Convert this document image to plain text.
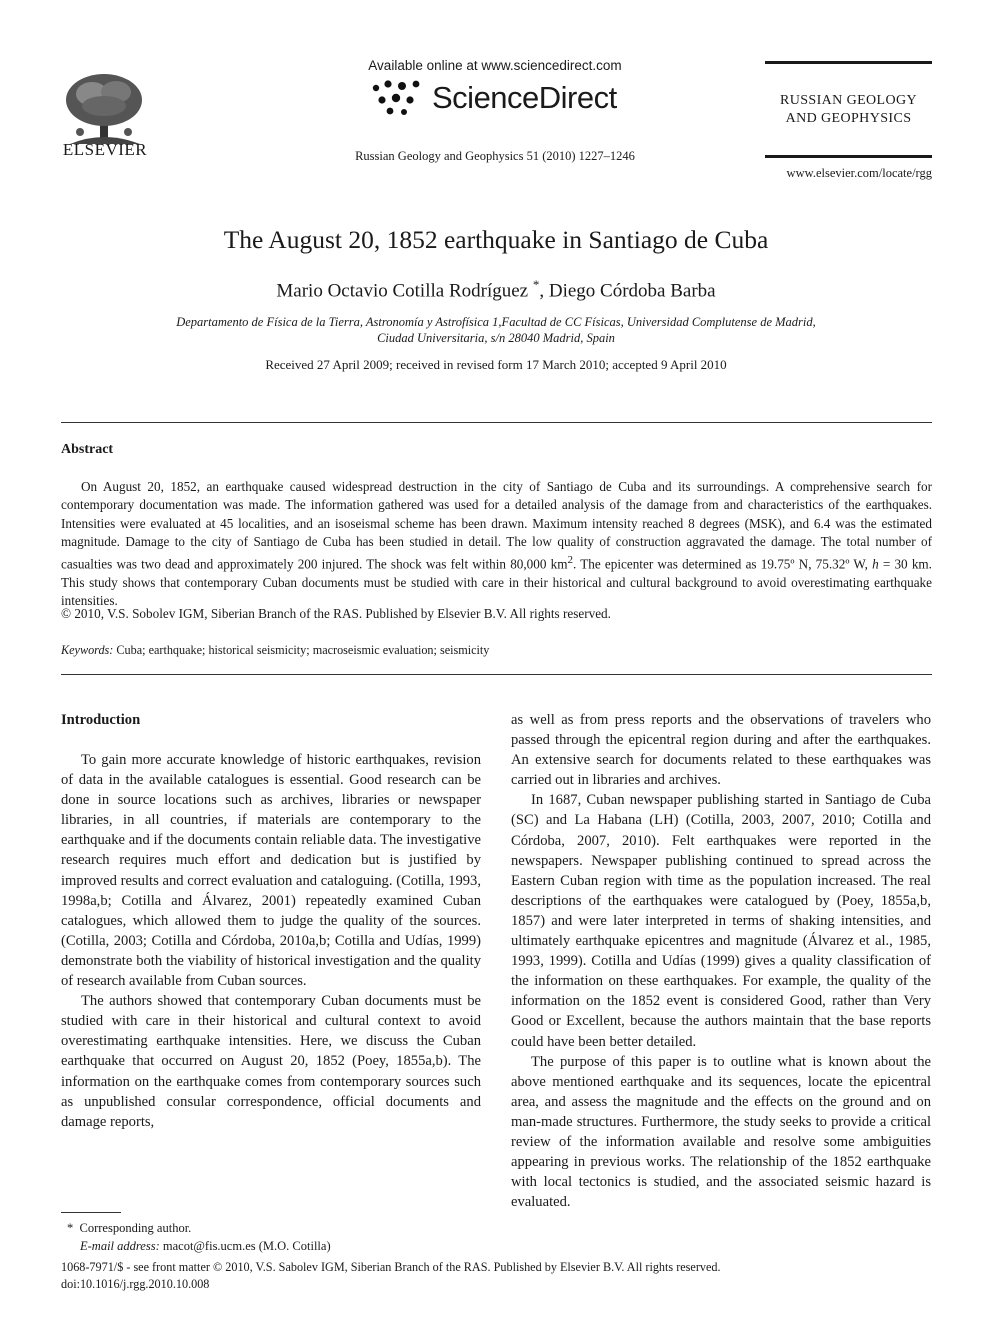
ELSEVIER
Available online at www.sciencedirect.com
ScienceDirect
Russian Geology and Geophysics 51 (2010) 1227–1246
RUSSIAN GEOLOGY
AND GEOPHYSICS
www.elsevier.com/locate/rgg
The August 20, 1852 earthquake in Santiago de Cuba
Mario Octavio Cotilla Rodríguez *, Diego Córdoba Barba
Departamento de Física de la Tierra, Astronomía y Astrofísica 1,Facultad de CC Físicas, Universidad Complutense de Madrid,
Ciudad Universitaria, s/n 28040 Madrid, Spain
Received 27 April 2009; received in revised form 17 March 2010; accepted 9 April 2010
Abstract
On August 20, 1852, an earthquake caused widespread destruction in the city of Santiago de Cuba and its surroundings. A comprehensive search for contemporary documentation was made. The information gathered was used for a detailed analysis of the damage from and characteristics of the earthquakes. Intensities were evaluated at 45 localities, and an isoseismal scheme has been drawn. Maximum intensity reached 8 degrees (MSK), and 6.4 was the estimated magnitude. Damage to the city of Santiago de Cuba has been studied in detail. The low quality of construction aggravated the damage. The total number of casualties was two dead and approximately 200 injured. The shock was felt within 80,000 $km^2$. The epicenter was determined as 19.75º N, 75.32º W, h = 30 km. This study shows that contemporary Cuban documents must be studied with care in their historical and cultural background to avoid overestimating earthquake intensities.
© 2010, V.S. Sobolev IGM, Siberian Branch of the RAS. Published by Elsevier B.V. All rights reserved.
Keywords: Cuba; earthquake; historical seismicity; macroseismic evaluation; seismicity
Introduction

To gain more accurate knowledge of historic earthquakes, revision of data in the available catalogues is essential. Good research can be done in source locations such as archives, libraries or newspaper libraries, in all countries, if materials are contemporary to the earthquake and if the documents contain reliable data. The investigative research requires much effort and dedication but is justified by improved results and correct evaluation and cataloguing. (Cotilla, 1993, 1998a,b; Cotilla and Álvarez, 2001) repeatedly examined Cuban catalogues, which allowed them to judge the quality of the sources. (Cotilla, 2003; Cotilla and Córdoba, 2010a,b; Cotilla and Udías, 1999) demonstrate both the viability of historical investigation and the quality of research available from Cuban sources.

The authors showed that contemporary Cuban documents must be studied with care in their historical and cultural context to avoid overestimating earthquake intensities. Here, we discuss the Cuban earthquake that occurred on August 20, 1852 (Poey, 1855a,b). The information on the earthquake comes from contemporary sources such as unpublished consular correspondence, official documents and damage reports,

as well as from press reports and the observations of travelers who passed through the epicentral region during and after the earthquakes. An extensive search for documents related to these earthquakes was carried out in libraries and archives.

In 1687, Cuban newspaper publishing started in Santiago de Cuba (SC) and La Habana (LH) (Cotilla, 2003, 2007, 2010; Cotilla and Córdoba, 2007, 2010). Felt earthquakes were reported in the newspapers. Newspaper publishing continued to spread across the Eastern Cuban region with time as the population increased. The real descriptions of the earthquakes were catalogued by (Poey, 1855a,b, 1857) and were later interpreted in terms of shaking intensities, and ultimately earthquake epicentres and magnitude (Álvarez et al., 1985, 1993, 1999). Cotilla and Udías (1999) gives a quality classification of the information on these earthquakes. For example, the quality of the information on the 1852 event is considered Good, rather than Very Good or Excellent, because the authors maintain that the base reports could have been better detailed.

The purpose of this paper is to outline what is known about the above mentioned earthquake and its sequences, locate the epicentral area, and assess the magnitude and the effects on the ground and on man-made structures. Furthermore, the study seeks to provide a critical review of the information available and resolve some ambiguities appearing in previous works. The relationship of the 1852 earthquake with local tectonics is studied, and the associated seismic hazard is evaluated.

* Corresponding author.
E-mail address: macot@fis.ucm.es (M.O. Cotilla)
1068-7971/$ - see front matter © 2010, V.S. Sabolev IGM, Siberian Branch of the RAS. Published by Elsevier B.V. All rights reserved.
doi:10.1016/j.rgg.2010.10.008
